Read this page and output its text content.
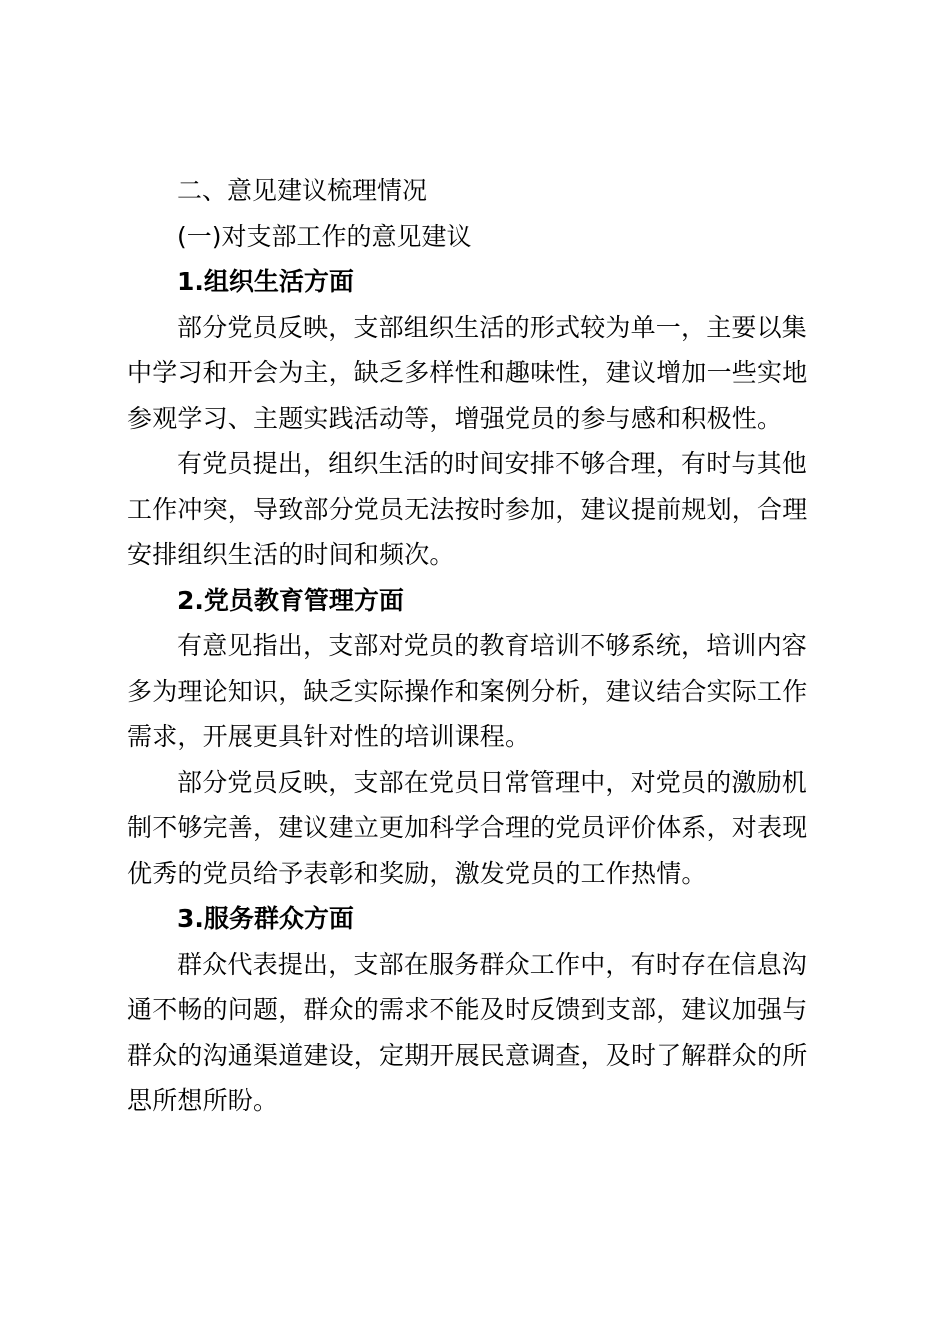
二、意见建议梳理情况

(一)对支部工作的意见建议

1.组织生活方面

部分党员反映，支部组织生活的形式较为单一，主要以集

中学习和开会为主，缺乏多样性和趣味性，建议增加一些实地

参观学习、主题实践活动等，增强党员的参与感和积极性。

有党员提出，组织生活的时间安排不够合理，有时与其他

工作冲突，导致部分党员无法按时参加，建议提前规划，合理

安排组织生活的时间和频次。

2.党员教育管理方面

有意见指出，支部对党员的教育培训不够系统，培训内容

多为理论知识，缺乏实际操作和案例分析，建议结合实际工作

需求，开展更具针对性的培训课程。

部分党员反映，支部在党员日常管理中，对党员的激励机

制不够完善，建议建立更加科学合理的党员评价体系，对表现

优秀的党员给予表彰和奖励，激发党员的工作热情。

3.服务群众方面

群众代表提出，支部在服务群众工作中，有时存在信息沟

通不畅的问题，群众的需求不能及时反馈到支部，建议加强与

群众的沟通渠道建设，定期开展民意调查，及时了解群众的所

思所想所盼。
